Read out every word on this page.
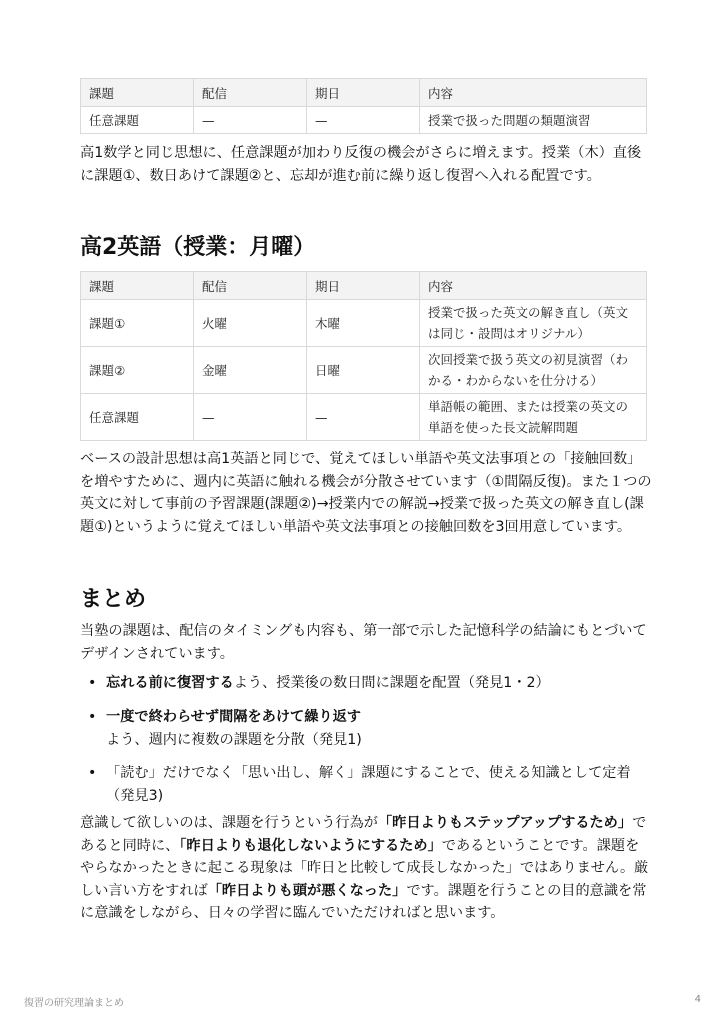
課題	配信	期日	内容
任意課題	—	—	授業で扱った問題の類題演習

高1数学と同じ思想に、任意課題が加わり反復の機会がさらに増えます。授業（木）直後に課題①、数日あけて課題②と、忘却が進む前に繰り返し復習へ入れる配置です。

高2英語（授業：月曜）
課題	配信	期日	内容
課題①	火曜	木曜	授業で扱った英文の解き直し（英文は同じ・設問はオリジナル）
課題②	金曜	日曜	次回授業で扱う英文の初見演習（わかる・わからないを仕分ける）
任意課題	—	—	単語帳の範囲、または授業の英文の単語を使った長文読解問題

ベースの設計思想は高1英語と同じで、覚えてほしい単語や英文法事項との「接触回数」を増やすために、週内に英語に触れる機会が分散させています（①間隔反復)。また１つの英文に対して事前の予習課題(課題②)→授業内での解説→授業で扱った英文の解き直し(課題①)というように覚えてほしい単語や英文法事項との接触回数を3回用意しています。

まとめ

当塾の課題は、配信のタイミングも内容も、第一部で示した記憶科学の結論にもとづいてデザインされています。

• 忘れる前に復習するよう、授業後の数日間に課題を配置（発見1・2）
• 一度で終わらせず間隔をあけて繰り返す
よう、週内に複数の課題を分散（発見1)
• 「読む」だけでなく「思い出し、解く」課題にすることで、使える知識として定着（発見3)

意識して欲しいのは、課題を行うという行為が「昨日よりもステップアップするため」であると同時に、「昨日よりも退化しないようにするため」であるということです。課題をやらなかったときに起こる現象は「昨日と比較して成長しなかった」ではありません。厳しい言い方をすれば「昨日よりも頭が悪くなった」です。課題を行うことの目的意識を常に意識をしながら、日々の学習に臨んでいただければと思います。

復習の研究理論まとめ	4
